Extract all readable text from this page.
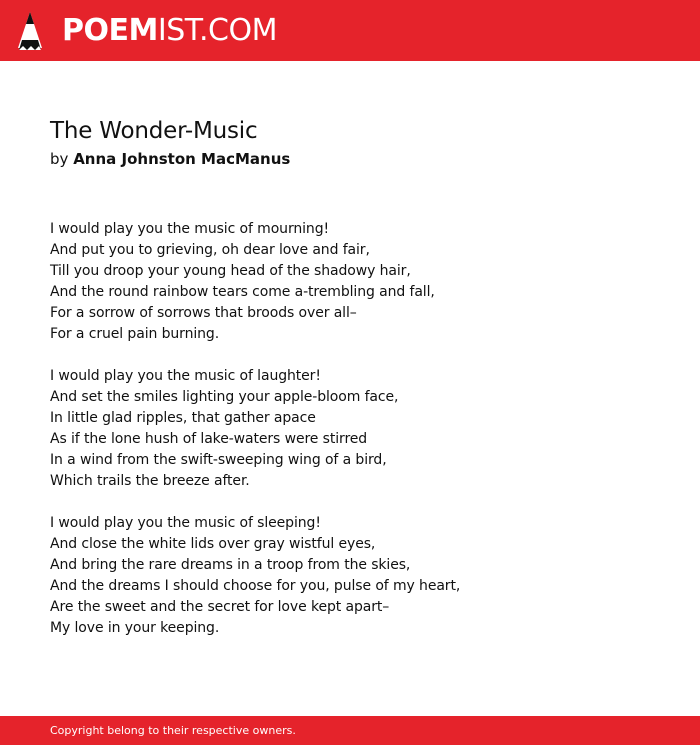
POEMIST.COM
The Wonder-Music
by Anna Johnston MacManus
I would play you the music of mourning!
And put you to grieving, oh dear love and fair,
Till you droop your young head of the shadowy hair,
And the round rainbow tears come a-trembling and fall,
For a sorrow of sorrows that broods over all–
For a cruel pain burning.
I would play you the music of laughter!
And set the smiles lighting your apple-bloom face,
In little glad ripples, that gather apace
As if the lone hush of lake-waters were stirred
In a wind from the swift-sweeping wing of a bird,
Which trails the breeze after.
I would play you the music of sleeping!
And close the white lids over gray wistful eyes,
And bring the rare dreams in a troop from the skies,
And the dreams I should choose for you, pulse of my heart,
Are the sweet and the secret for love kept apart–
My love in your keeping.
Copyright belong to their respective owners.
